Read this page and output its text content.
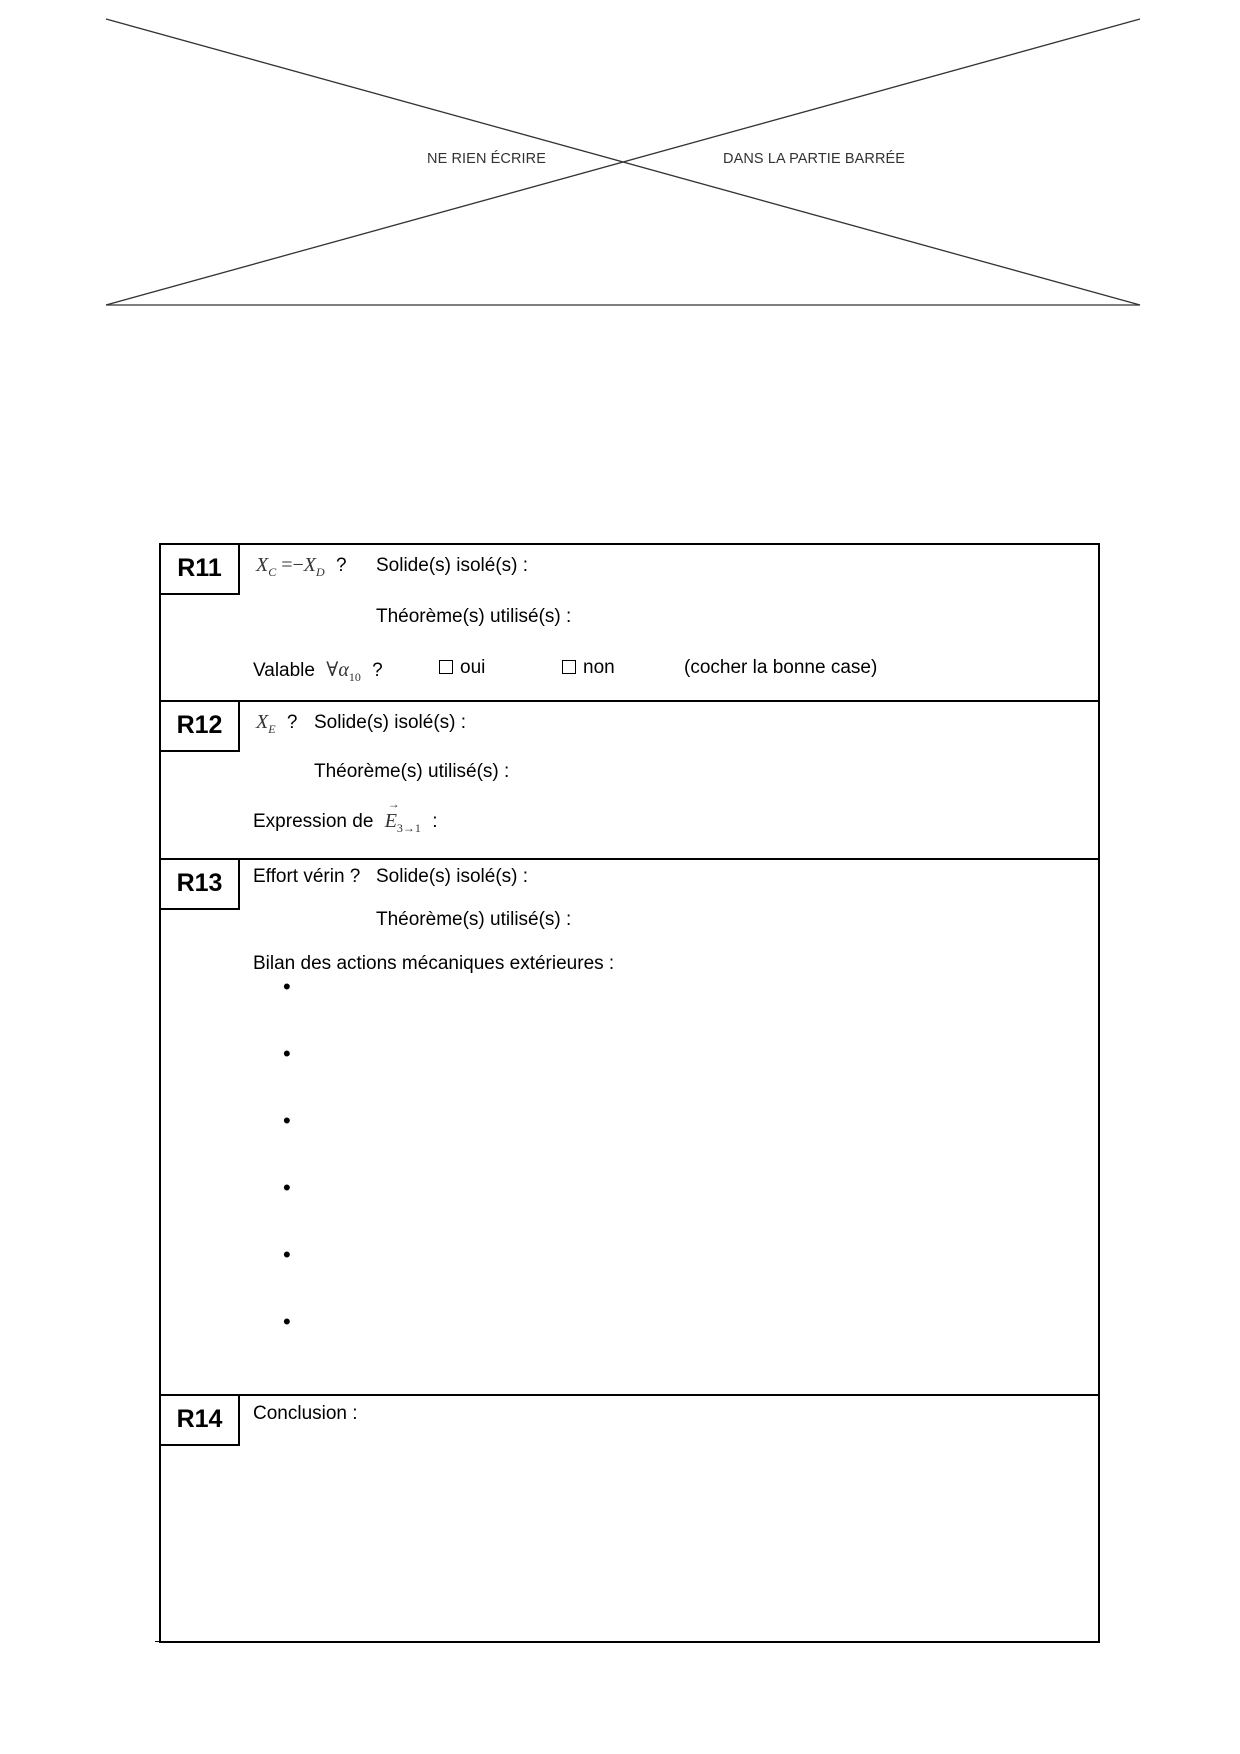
NE RIEN ÉCRIRE	DANS LA PARTIE BARRÉE
R11	$X_C =-X_D$ ? Solide(s) isolé(s) :
Théorème(s) utilisé(s) :
Valable $\forall\alpha_{10}$ ?	oui	non	(cocher la bonne case)
R12	$X_E$ ? Solide(s) isolé(s) :
Théorème(s) utilisé(s) :
Expression de → $E_{3\to 1}$ :
R13	Effort vérin ? Solide(s) isolé(s) :
Théorème(s) utilisé(s) :
Bilan des actions mécaniques extérieures :
•
•
•
•
•
•
R14	Conclusion :
